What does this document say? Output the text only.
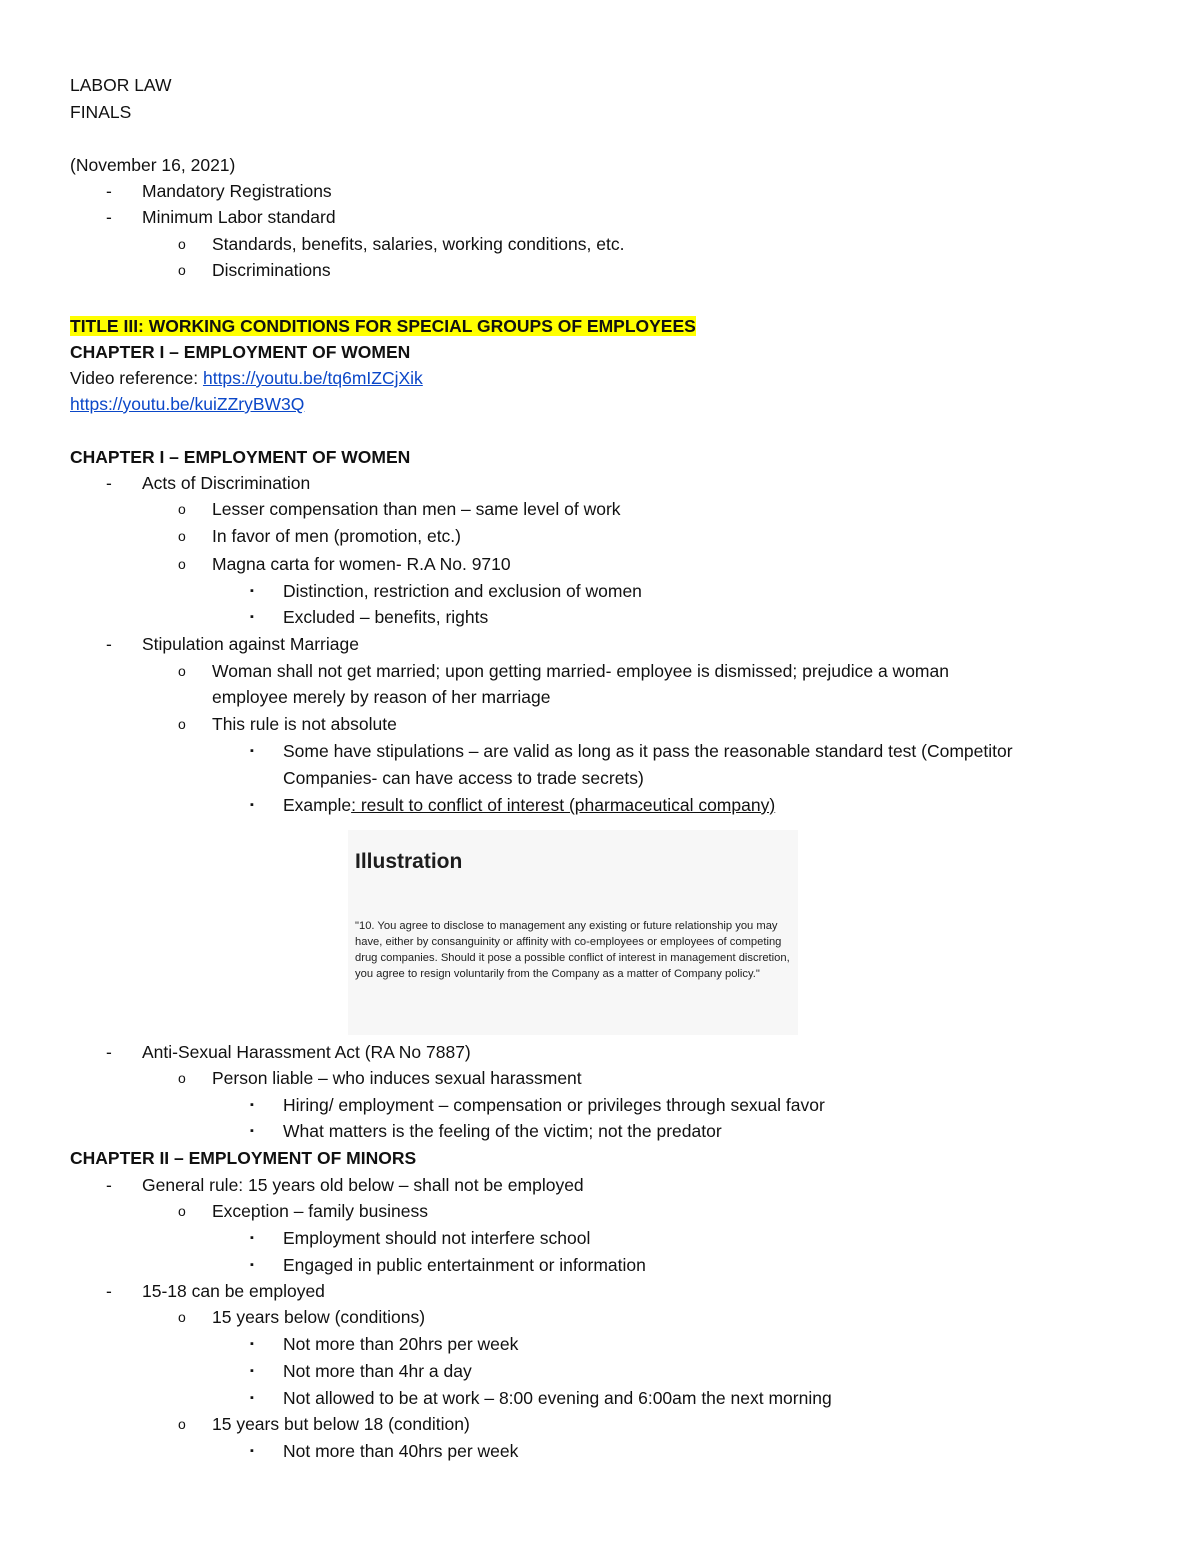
LABOR LAW
FINALS
(November 16, 2021)
-	Mandatory Registrations
-	Minimum Labor standard
o	Standards, benefits, salaries, working conditions, etc.
o	Discriminations
TITLE III: WORKING CONDITIONS FOR SPECIAL GROUPS OF EMPLOYEES
CHAPTER I – EMPLOYMENT OF WOMEN
Video reference: https://youtu.be/tq6mIZCjXik
https://youtu.be/kuiZZryBW3Q
CHAPTER I – EMPLOYMENT OF WOMEN
-	Acts of Discrimination
o	Lesser compensation than men – same level of work
o	In favor of men (promotion, etc.)
o	Magna carta for women- R.A No. 9710
▪	Distinction, restriction and exclusion of women
▪	Excluded – benefits, rights
-	Stipulation against Marriage
o	Woman shall not get married; upon getting married- employee is dismissed; prejudice a woman
employee merely by reason of her marriage
o	This rule is not absolute
▪	Some have stipulations – are valid as long as it pass the reasonable standard test (Competitor
Companies- can have access to trade secrets)
▪	Example: result to conflict of interest (pharmaceutical company)
Illustration
"10. You agree to disclose to management any existing or future relationship you may have, either by consanguinity or affinity with co-employees or employees of competing drug companies. Should it pose a possible conflict of interest in management discretion, you agree to resign voluntarily from the Company as a matter of Company policy."
-	Anti-Sexual Harassment Act (RA No 7887)
o	Person liable – who induces sexual harassment
▪	Hiring/ employment – compensation or privileges through sexual favor
▪	What matters is the feeling of the victim; not the predator
CHAPTER II – EMPLOYMENT OF MINORS
-	General rule: 15 years old below – shall not be employed
o	Exception – family business
▪	Employment should not interfere school
▪	Engaged in public entertainment or information
-	15-18 can be employed
o	15 years below (conditions)
▪	Not more than 20hrs per week
▪	Not more than 4hr a day
▪	Not allowed to be at work – 8:00 evening and 6:00am the next morning
o	15 years but below 18 (condition)
▪	Not more than 40hrs per week
